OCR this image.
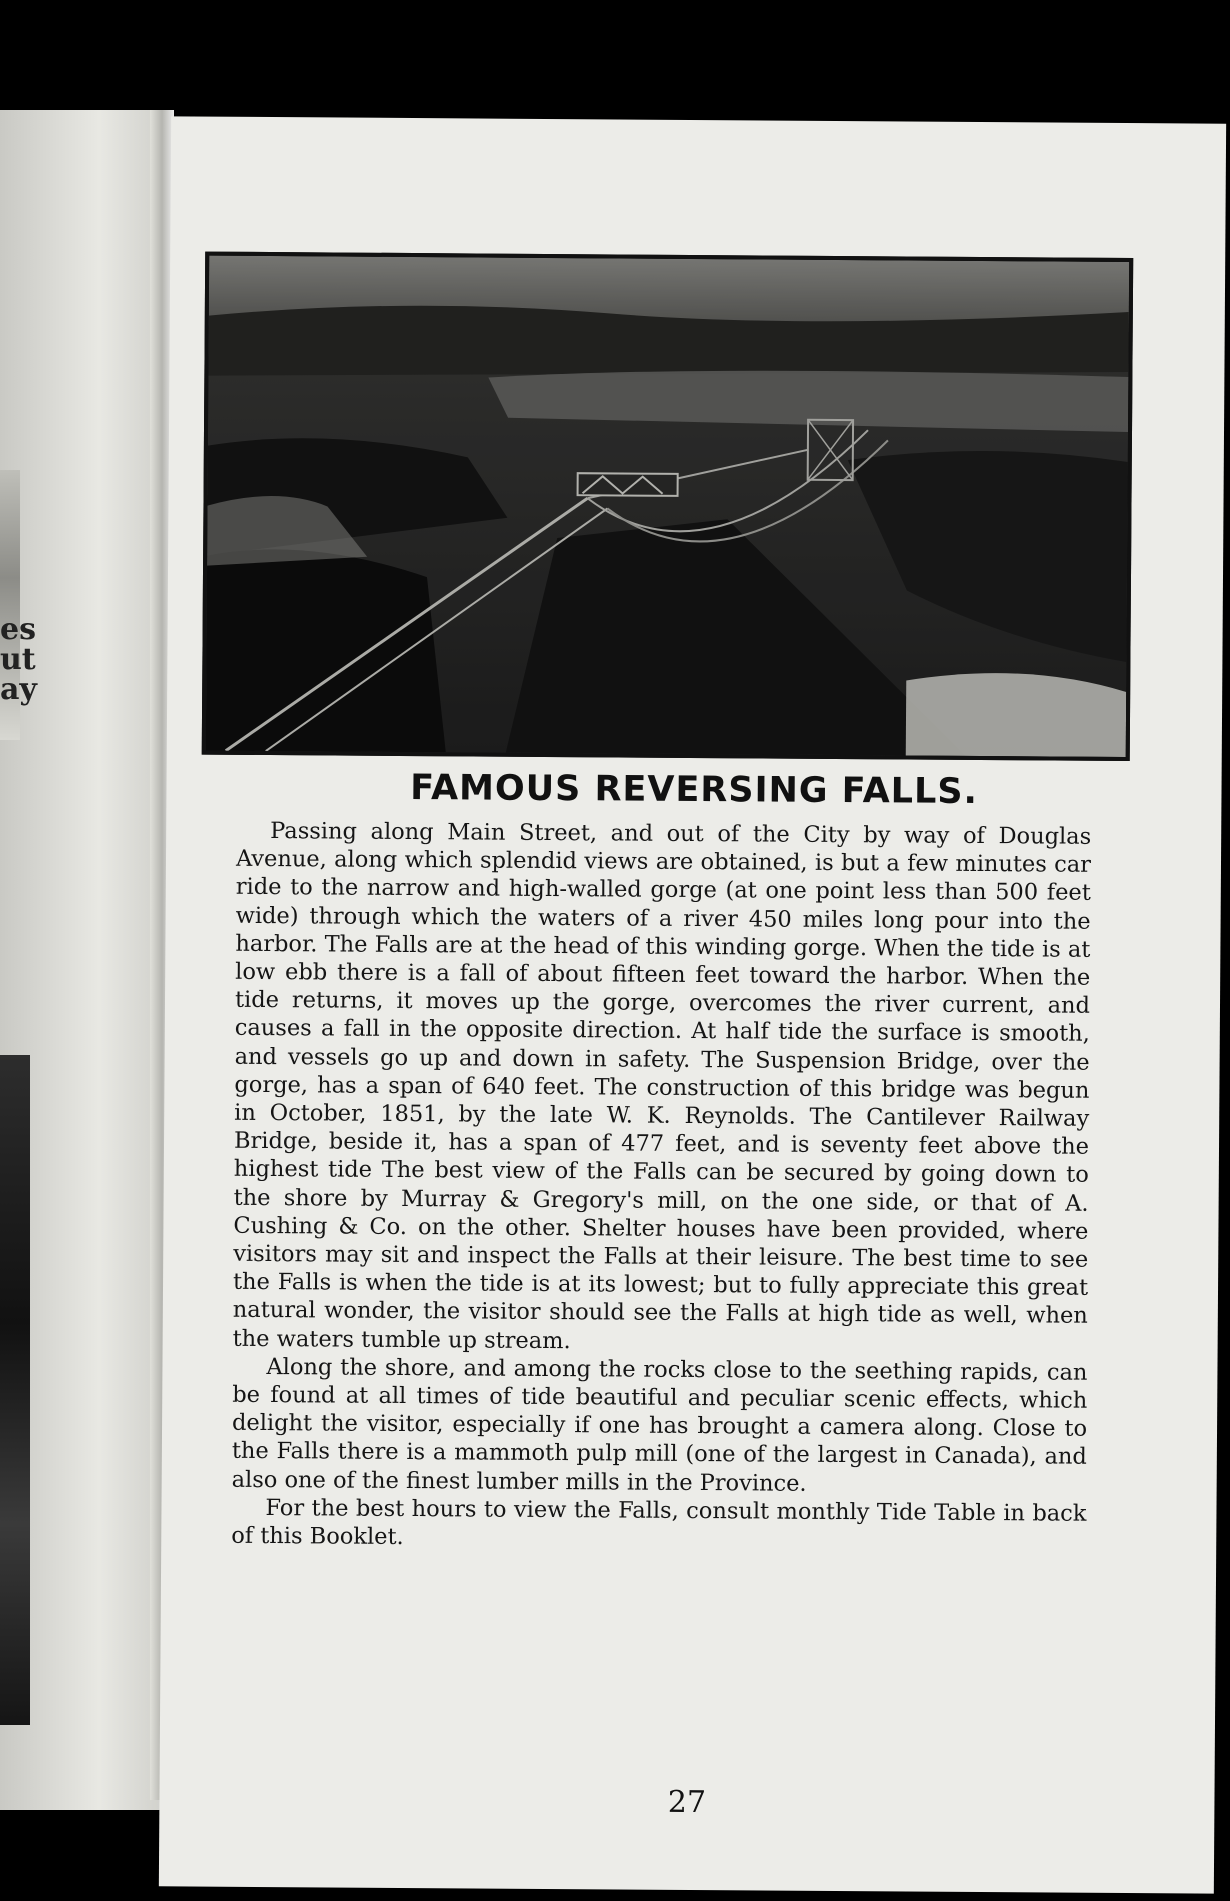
es
ut
ay
FAMOUS REVERSING FALLS.

Passing along Main Street, and out of the City by way of Douglas Avenue, along which splendid views are obtained, is but a few minutes car ride to the narrow and high-walled gorge (at one point less than 500 feet wide) through which the waters of a river 450 miles long pour into the harbor. The Falls are at the head of this winding gorge. When the tide is at low ebb there is a fall of about fifteen feet toward the harbor. When the tide returns, it moves up the gorge, overcomes the river current, and causes a fall in the opposite direction. At half tide the surface is smooth, and vessels go up and down in safety. The Suspension Bridge, over the gorge, has a span of 640 feet. The construction of this bridge was begun in October, 1851, by the late W. K. Reynolds. The Cantilever Railway Bridge, beside it, has a span of 477 feet, and is seventy feet above the highest tide The best view of the Falls can be secured by going down to the shore by Murray & Gregory's mill, on the one side, or that of A. Cushing & Co. on the other. Shelter houses have been provided, where visitors may sit and inspect the Falls at their leisure. The best time to see the Falls is when the tide is at its lowest; but to fully appreciate this great natural wonder, the visitor should see the Falls at high tide as well, when the waters tumble up stream.

Along the shore, and among the rocks close to the seething rapids, can be found at all times of tide beautiful and peculiar scenic effects, which delight the visitor, especially if one has brought a camera along. Close to the Falls there is a mammoth pulp mill (one of the largest in Canada), and also one of the finest lumber mills in the Province.

For the best hours to view the Falls, consult monthly Tide Table in back of this Booklet.

27
